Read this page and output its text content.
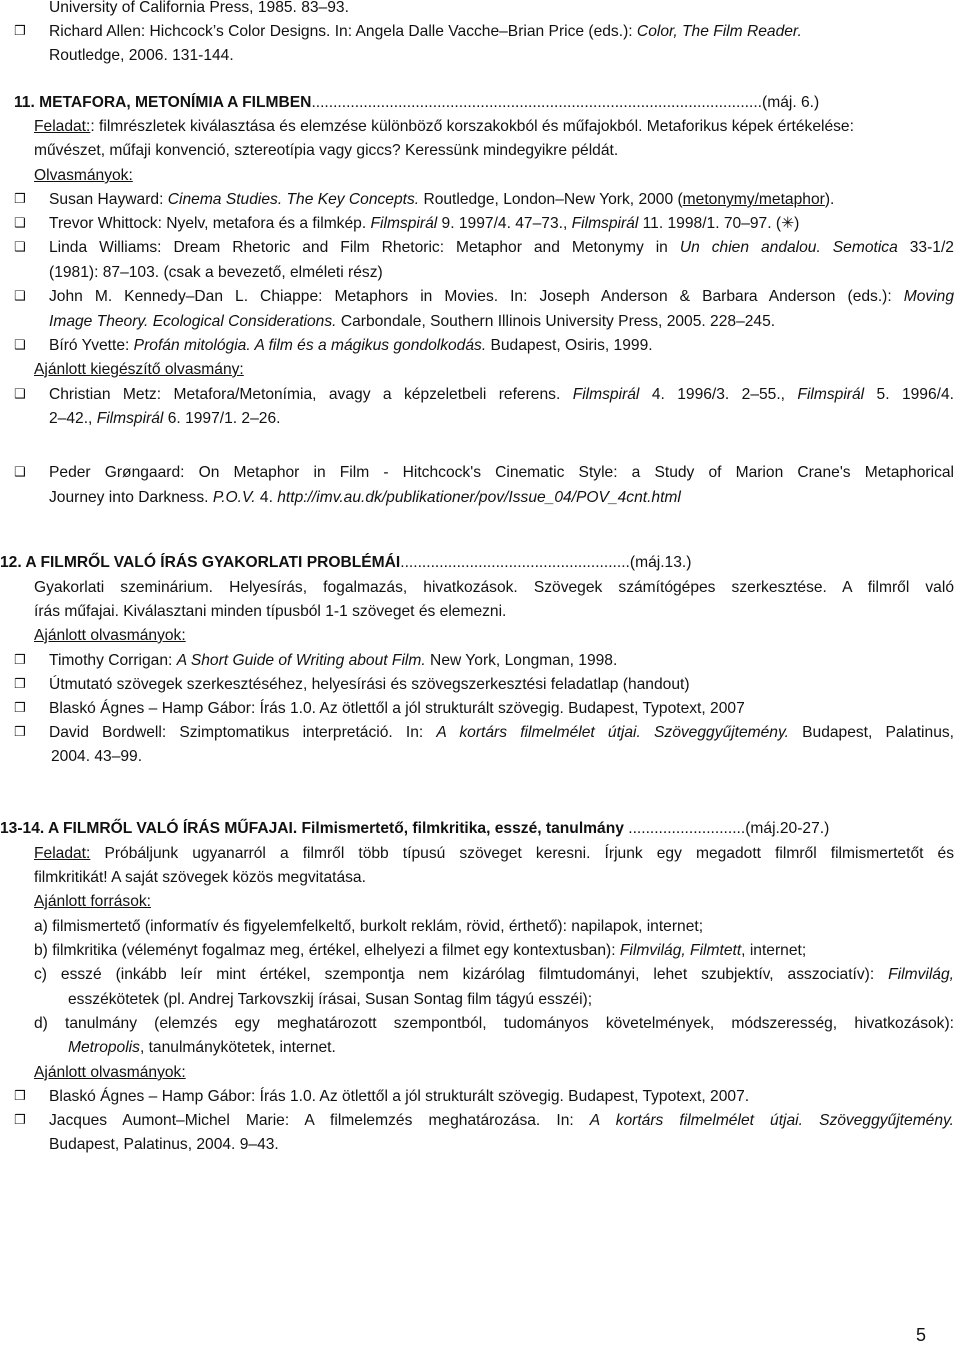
University of California Press, 1985. 83–93.
❒ Richard Allen: Hichcock’s Color Designs. In: Angela Dalle Vacche–Brian Price (eds.): Color, The Film Reader.
Routledge, 2006. 131-144.
11. METAFORA, METONÍMIA A FILMBEN........................................................................................................(máj. 6.)
Feladat:: filmrészletek kiválasztása és elemzése különböző korszakokból és műfajokból. Metaforikus képek értékelése:
művészet, műfaji konvenció, sztereotípia vagy giccs? Keressünk mindegyikre példát.
Olvasmányok:
❒ Susan Hayward: Cinema Studies. The Key Concepts. Routledge, London–New York, 2000 (metonymy/metaphor).
❑ Trevor Whittock: Nyelv, metafora és a filmkép. Filmspirál 9. 1997/4. 47–73., Filmspirál 11. 1998/1. 70–97. (✳)
❑ Linda Williams: Dream Rhetoric and Film Rhetoric: Metaphor and Metonymy in Un chien andalou. Semotica 33-1/2
(1981): 87–103. (csak a bevezető, elméleti rész)
❑ John M. Kennedy–Dan L. Chiappe: Metaphors in Movies. In: Joseph Anderson & Barbara Anderson (eds.): Moving
Image Theory. Ecological Considerations. Carbondale, Southern Illinois University Press, 2005. 228–245.
❑ Bíró Yvette: Profán mitológia. A film és a mágikus gondolkodás. Budapest, Osiris, 1999.
Ajánlott kiegészítő olvasmány:
❑ Christian Metz: Metafora/Metonímia, avagy a képzeletbeli referens. Filmspirál 4. 1996/3. 2–55., Filmspirál 5. 1996/4.
2–42., Filmspirál 6. 1997/1. 2–26.
❑ Peder Grøngaard: On Metaphor in Film - Hitchcock's Cinematic Style: a Study of Marion Crane's Metaphorical
Journey into Darkness. P.O.V. 4. http://imv.au.dk/publikationer/pov/Issue_04/POV_4cnt.html
12. A FILMRŐL VALÓ ÍRÁS GYAKORLATI PROBLÉMÁI.....................................................(máj.13.)
Gyakorlati szeminárium. Helyesírás, fogalmazás, hivatkozások. Szövegek számítógépes szerkesztése. A filmről való
írás műfajai. Kiválasztani minden típusból 1-1 szöveget és elemezni.
Ajánlott olvasmányok:
❒ Timothy Corrigan: A Short Guide of Writing about Film. New York, Longman, 1998.
❒ Útmutató szövegek szerkesztéséhez, helyesírási és szövegszerkesztési feladatlap (handout)
❒ Blaskó Ágnes – Hamp Gábor: Írás 1.0. Az ötlettől a jól strukturált szövegig. Budapest, Typotext, 2007
❒ David Bordwell: Szimptomatikus interpretáció. In: A kortárs filmelmélet útjai. Szöveggyűjtemény. Budapest, Palatinus,
2004. 43–99.
13-14. A FILMRŐL VALÓ ÍRÁS MŰFAJAI. Filmismertető, filmkritika, esszé, tanulmány ...........................(máj.20-27.)
Feladat: Próbáljunk ugyanarról a filmről több típusú szöveget keresni. Írjunk egy megadott filmről filmismertetőt és
filmkritikát! A saját szövegek közös megvitatása.
Ajánlott források:
a) filmismertető (informatív és figyelemfelkeltő, burkolt reklám, rövid, érthető): napilapok, internet;
b) filmkritika (véleményt fogalmaz meg, értékel, elhelyezi a filmet egy kontextusban): Filmvilág, Filmtett, internet;
c) esszé (inkább leír mint értékel, szempontja nem kizárólag filmtudományi, lehet szubjektív, asszociatív): Filmvilág,
esszékötetek (pl. Andrej Tarkovszkij írásai, Susan Sontag film tágyú esszéi);
d) tanulmány (elemzés egy meghatározott szempontból, tudományos követelmények, módszeresség, hivatkozások):
Metropolis, tanulmánykötetek, internet.
Ajánlott olvasmányok:
❒ Blaskó Ágnes – Hamp Gábor: Írás 1.0. Az ötlettől a jól strukturált szövegig. Budapest, Typotext, 2007.
❒ Jacques Aumont–Michel Marie: A filmelemzés meghatározása. In: A kortárs filmelmélet útjai. Szöveggyűjtemény.
Budapest, Palatinus, 2004. 9–43.
5
